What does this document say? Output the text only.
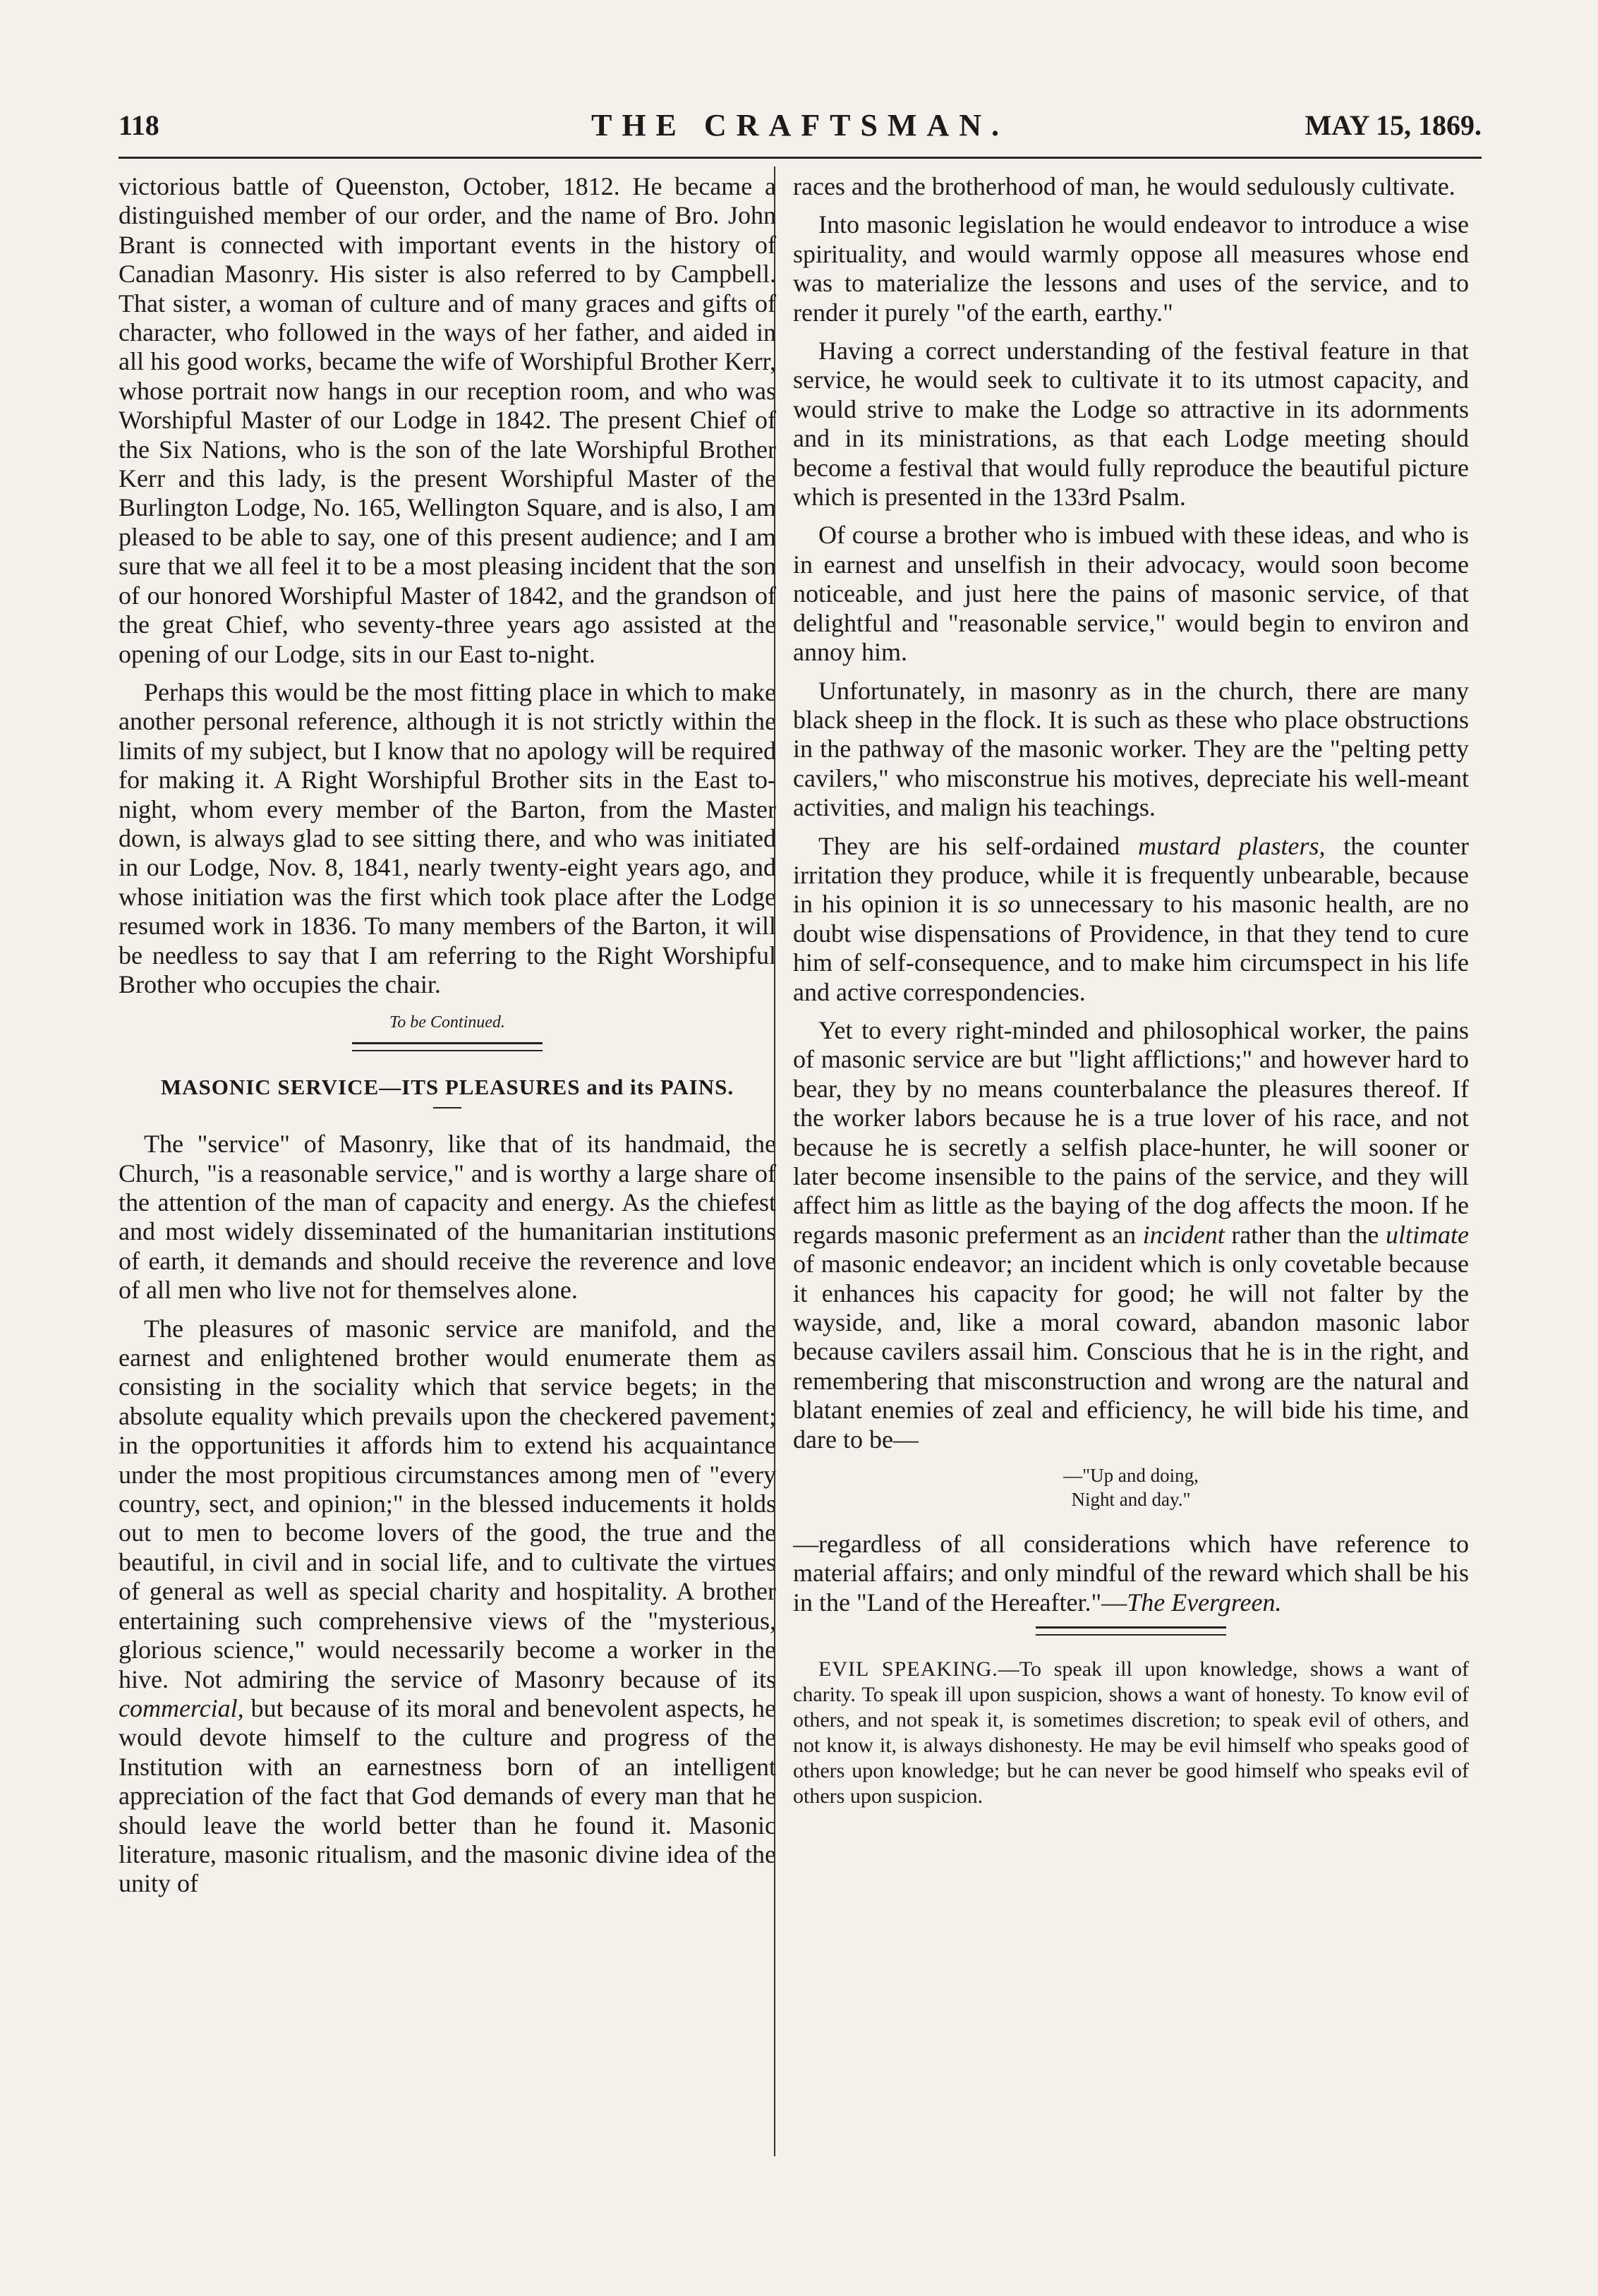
118	THE CRAFTSMAN.	MAY 15, 1869.

victorious battle of Queenston, October, 1812. He became a distinguished member of our order, and the name of Bro. John Brant is connected with important events in the history of Canadian Masonry. His sister is also referred to by Campbell. That sister, a woman of culture and of many graces and gifts of character, who followed in the ways of her father, and aided in all his good works, became the wife of Worshipful Brother Kerr, whose portrait now hangs in our reception room, and who was Worshipful Master of our Lodge in 1842. The present Chief of the Six Nations, who is the son of the late Worshipful Brother Kerr and this lady, is the present Worshipful Master of the Burlington Lodge, No. 165, Wellington Square, and is also, I am pleased to be able to say, one of this present audience; and I am sure that we all feel it to be a most pleasing incident that the son of our honored Worshipful Master of 1842, and the grandson of the great Chief, who seventy-three years ago assisted at the opening of our Lodge, sits in our East to-night.

Perhaps this would be the most fitting place in which to make another personal reference, although it is not strictly within the limits of my subject, but I know that no apology will be required for making it. A Right Worshipful Brother sits in the East to-night, whom every member of the Barton, from the Master down, is always glad to see sitting there, and who was initiated in our Lodge, Nov. 8, 1841, nearly twenty-eight years ago, and whose initiation was the first which took place after the Lodge resumed work in 1836. To many members of the Barton, it will be needless to say that I am referring to the Right Worshipful Brother who occupies the chair.

To be Continued.
MASONIC SERVICE—ITS PLEASURES and its PAINS.

The "service" of Masonry, like that of its handmaid, the Church, "is a reasonable service," and is worthy a large share of the attention of the man of capacity and energy. As the chiefest and most widely disseminated of the humanitarian institutions of earth, it demands and should receive the reverence and love of all men who live not for themselves alone.

The pleasures of masonic service are manifold, and the earnest and enlightened brother would enumerate them as consisting in the sociality which that service begets; in the absolute equality which prevails upon the checkered pavement; in the opportunities it affords him to extend his acquaintance under the most propitious circumstances among men of "every country, sect, and opinion;" in the blessed inducements it holds out to men to become lovers of the good, the true and the beautiful, in civil and in social life, and to cultivate the virtues of general as well as special charity and hospitality. A brother entertaining such comprehensive views of the "mysterious, glorious science," would necessarily become a worker in the hive. Not admiring the service of Masonry because of its commercial, but because of its moral and benevolent aspects, he would devote himself to the culture and progress of the Institution with an earnestness born of an intelligent appreciation of the fact that God demands of every man that he should leave the world better than he found it. Masonic literature, masonic ritualism, and the masonic divine idea of the unity of

races and the brotherhood of man, he would sedulously cultivate.

Into masonic legislation he would endeavor to introduce a wise spirituality, and would warmly oppose all measures whose end was to materialize the lessons and uses of the service, and to render it purely "of the earth, earthy."

Having a correct understanding of the festival feature in that service, he would seek to cultivate it to its utmost capacity, and would strive to make the Lodge so attractive in its adornments and in its ministrations, as that each Lodge meeting should become a festival that would fully reproduce the beautiful picture which is presented in the 133rd Psalm.

Of course a brother who is imbued with these ideas, and who is in earnest and unselfish in their advocacy, would soon become noticeable, and just here the pains of masonic service, of that delightful and "reasonable service," would begin to environ and annoy him.

Unfortunately, in masonry as in the church, there are many black sheep in the flock. It is such as these who place obstructions in the pathway of the masonic worker. They are the "pelting petty cavilers," who misconstrue his motives, depreciate his well-meant activities, and malign his teachings.

They are his self-ordained mustard plasters, the counter irritation they produce, while it is frequently unbearable, because in his opinion it is so unnecessary to his masonic health, are no doubt wise dispensations of Providence, in that they tend to cure him of self-consequence, and to make him circumspect in his life and active correspondencies.

Yet to every right-minded and philosophical worker, the pains of masonic service are but "light afflictions;" and however hard to bear, they by no means counterbalance the pleasures thereof. If the worker labors because he is a true lover of his race, and not because he is secretly a selfish place-hunter, he will sooner or later become insensible to the pains of the service, and they will affect him as little as the baying of the dog affects the moon. If he regards masonic preferment as an incident rather than the ultimate of masonic endeavor; an incident which is only covetable because it enhances his capacity for good; he will not falter by the wayside, and, like a moral coward, abandon masonic labor because cavilers assail him. Conscious that he is in the right, and remembering that misconstruction and wrong are the natural and blatant enemies of zeal and efficiency, he will bide his time, and dare to be—

—"Up and doing,
Night and day."

—regardless of all considerations which have reference to material affairs; and only mindful of the reward which shall be his in the "Land of the Hereafter."—The Evergreen.

EVIL SPEAKING.—To speak ill upon knowledge, shows a want of charity. To speak ill upon suspicion, shows a want of honesty. To know evil of others, and not speak it, is sometimes discretion; to speak evil of others, and not know it, is always dishonesty. He may be evil himself who speaks good of others upon knowledge; but he can never be good himself who speaks evil of others upon suspicion.
